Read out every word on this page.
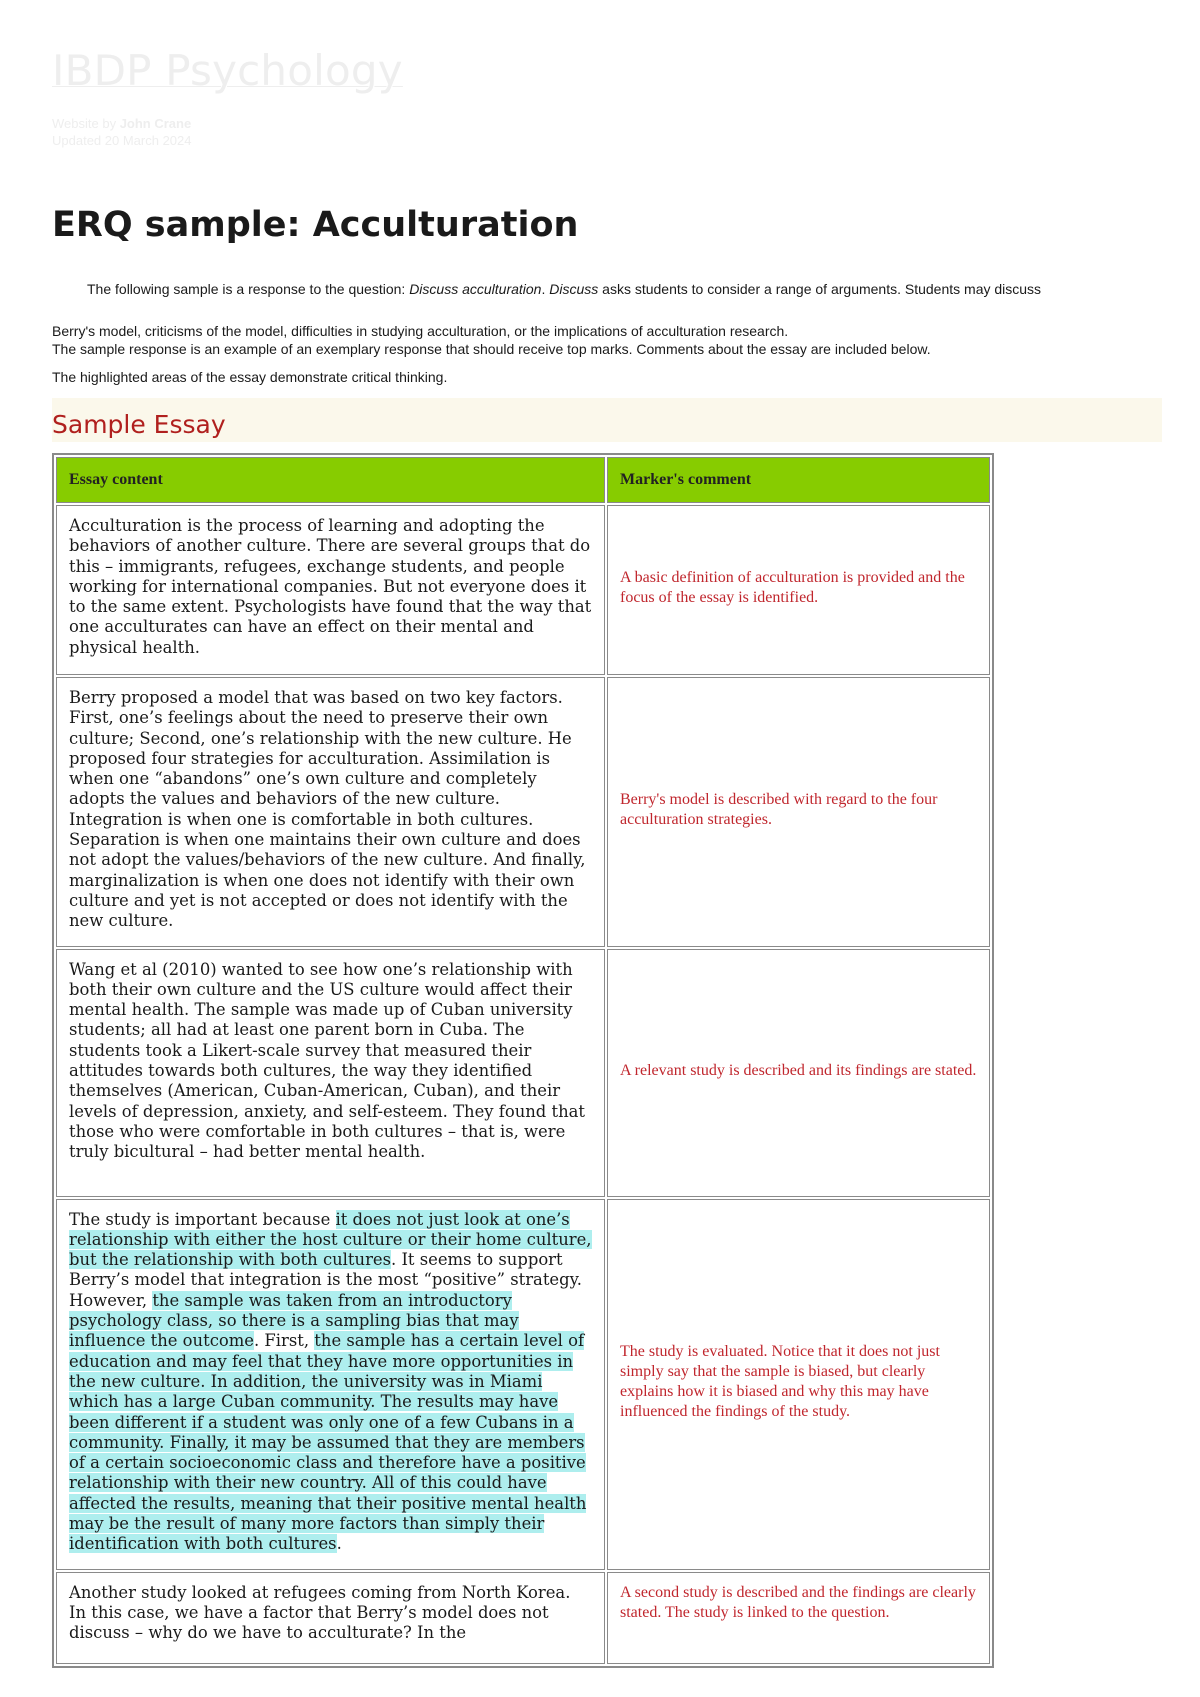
IBDP Psychology
Website by John Crane
Updated 20 March 2024
ERQ sample: Acculturation

The following sample is a response to the question: Discuss acculturation. Discuss asks students to consider a range of arguments. Students may discuss

Berry's model, criticisms of the model, difficulties in studying acculturation, or the implications of acculturation research.

The sample response is an example of an exemplary response that should receive top marks. Comments about the essay are included below.

The highlighted areas of the essay demonstrate critical thinking.

Sample Essay
Essay content	Marker's comment
Acculturation is the process of learning and adopting the behaviors of another culture. There are several groups that do this – immigrants, refugees, exchange students, and people working for international companies. But not everyone does it to the same extent. Psychologists have found that the way that one acculturates can have an effect on their mental and physical health.	A basic definition of acculturation is provided and the focus of the essay is identified.
Berry proposed a model that was based on two key factors. First, one’s feelings about the need to preserve their own culture; Second, one’s relationship with the new culture. He proposed four strategies for acculturation. Assimilation is when one “abandons” one’s own culture and completely adopts the values and behaviors of the new culture. Integration is when one is comfortable in both cultures. Separation is when one maintains their own culture and does not adopt the values/behaviors of the new culture. And finally, marginalization is when one does not identify with their own culture and yet is not accepted or does not identify with the new culture.	Berry's model is described with regard to the four acculturation strategies.
Wang et al (2010) wanted to see how one’s relationship with both their own culture and the US culture would affect their mental health. The sample was made up of Cuban university students; all had at least one parent born in Cuba. The students took a Likert-scale survey that measured their attitudes towards both cultures, the way they identified themselves (American, Cuban-American, Cuban), and their levels of depression, anxiety, and self-esteem. They found that those who were comfortable in both cultures – that is, were truly bicultural – had better mental health.	A relevant study is described and its findings are stated.
The study is important because it does not just look at one’s relationship with either the host culture or their home culture, but the relationship with both cultures. It seems to support Berry’s model that integration is the most “positive” strategy. However, the sample was taken from an introductory psychology class, so there is a sampling bias that may influence the outcome. First, the sample has a certain level of education and may feel that they have more opportunities in the new culture. In addition, the university was in Miami which has a large Cuban community. The results may have been different if a student was only one of a few Cubans in a community. Finally, it may be assumed that they are members of a certain socioeconomic class and therefore have a positive relationship with their new country. All of this could have affected the results, meaning that their positive mental health may be the result of many more factors than simply their identification with both cultures.	The study is evaluated. Notice that it does not just simply say that the sample is biased, but clearly explains how it is biased and why this may have influenced the findings of the study.
Another study looked at refugees coming from North Korea. In this case, we have a factor that Berry’s model does not discuss – why do we have to acculturate? In the	A second study is described and the findings are clearly stated. The study is linked to the question.
